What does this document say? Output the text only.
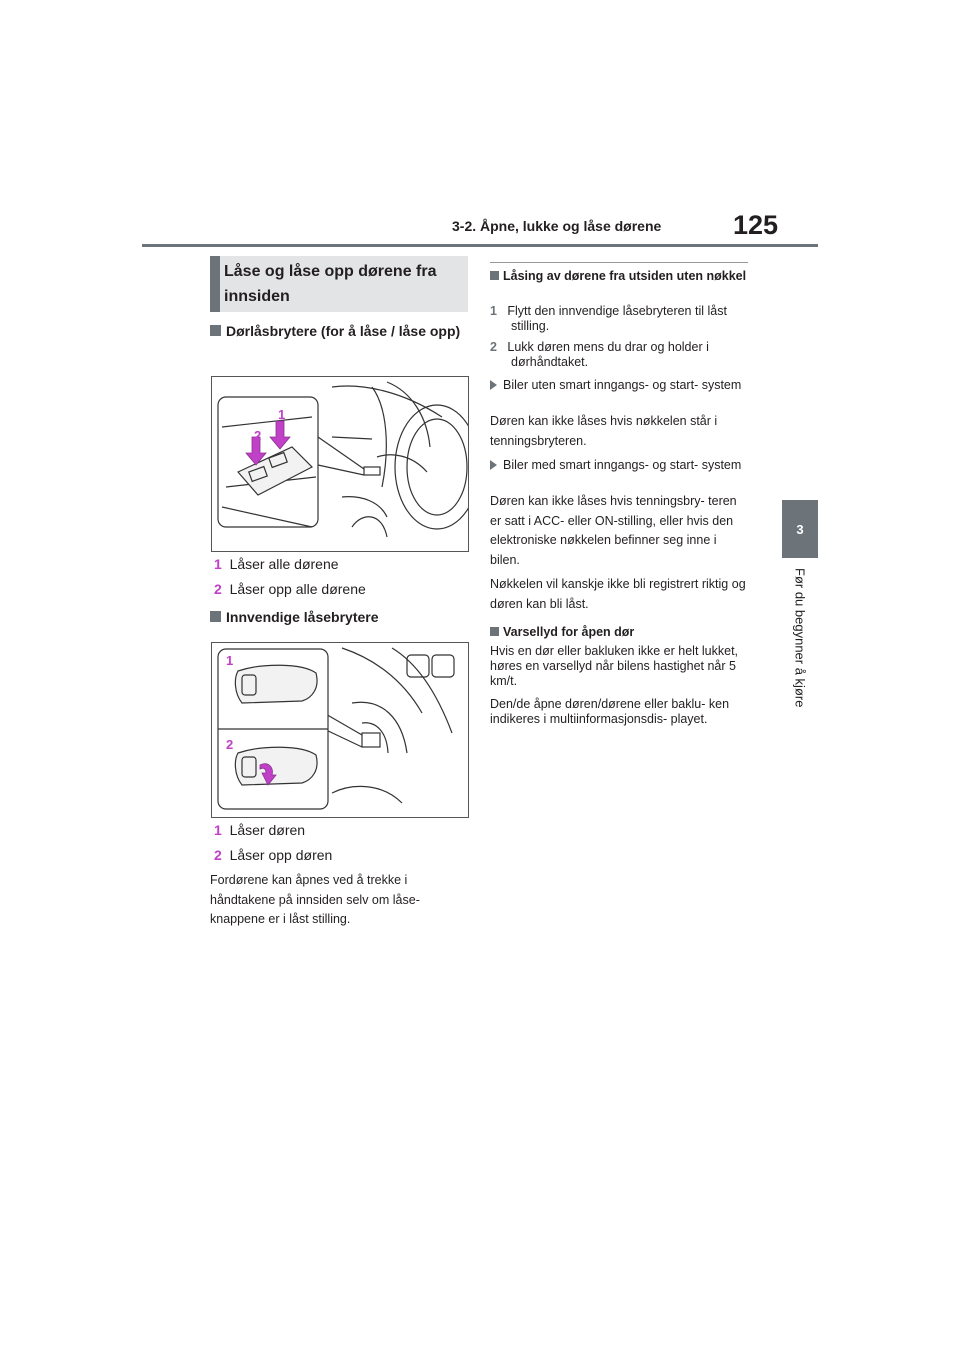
3-2. Åpne, lukke og låse dørene	125
3
Før du begynner å kjøre
Låse og låse opp dørene fra innsiden
Dørlåsbrytere (for å låse / låse opp)
1
2
1 Låser alle dørene
2 Låser opp alle dørene
Innvendige låsebrytere
1
2
1 Låser døren
2 Låser opp døren
Fordørene kan åpnes ved å trekke i håndtakene på innsiden selv om låse- knappene er i låst stilling.
Låsing av dørene fra utsiden uten nøkkel
1 Flytt den innvendige låsebryteren til låst stilling.
2 Lukk døren mens du drar og holder i dørhåndtaket.
Biler uten smart inngangs- og start- system
Døren kan ikke låses hvis nøkkelen står i tenningsbryteren.
Biler med smart inngangs- og start- system
Døren kan ikke låses hvis tenningsbry- teren er satt i ACC- eller ON-stilling, eller hvis den elektroniske nøkkelen befinner seg inne i bilen.
Nøkkelen vil kanskje ikke bli registrert riktig og døren kan bli låst.
Varsellyd for åpen dør
Hvis en dør eller bakluken ikke er helt lukket, høres en varsellyd når bilens hastighet når 5 km/t.
Den/de åpne døren/dørene eller baklu- ken indikeres i multiinformasjonsdis- playet.
